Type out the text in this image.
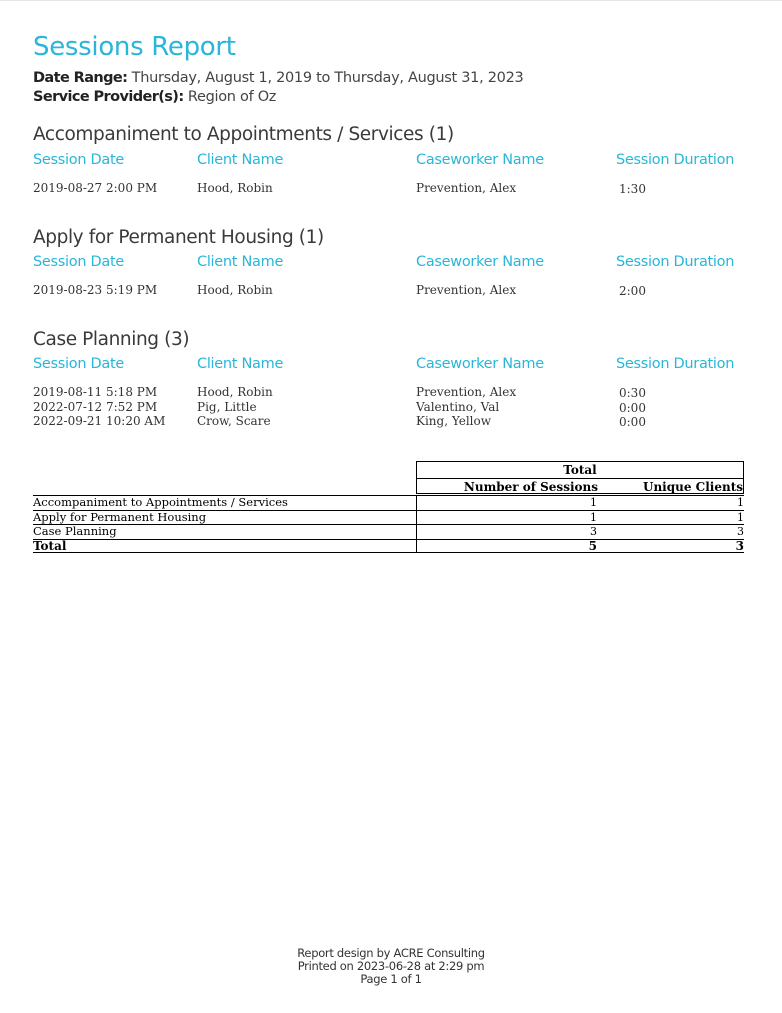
Sessions Report
Date Range: Thursday, August 1, 2019 to Thursday, August 31, 2023
Service Provider(s): Region of Oz
Accompaniment to Appointments / Services (1)
Session Date	Client Name	Caseworker Name	Session Duration
2019-08-27 2:00 PM	Hood, Robin	Prevention, Alex	1:30
Apply for Permanent Housing (1)
Session Date	Client Name	Caseworker Name	Session Duration
2019-08-23 5:19 PM	Hood, Robin	Prevention, Alex	2:00
Case Planning (3)
Session Date	Client Name	Caseworker Name	Session Duration
2019-08-11 5:18 PM	Hood, Robin	Prevention, Alex	0:30
2022-07-12 7:52 PM	Pig, Little	Valentino, Val	0:00
2022-09-21 10:20 AM	Crow, Scare	King, Yellow	0:00
Total
Number of Sessions	Unique Clients
Accompaniment to Appointments / Services	1	1
Apply for Permanent Housing	1	1
Case Planning	3	3
Total	5	3
Report design by ACRE Consulting
Printed on 2023-06-28 at 2:29 pm
Page 1 of 1
